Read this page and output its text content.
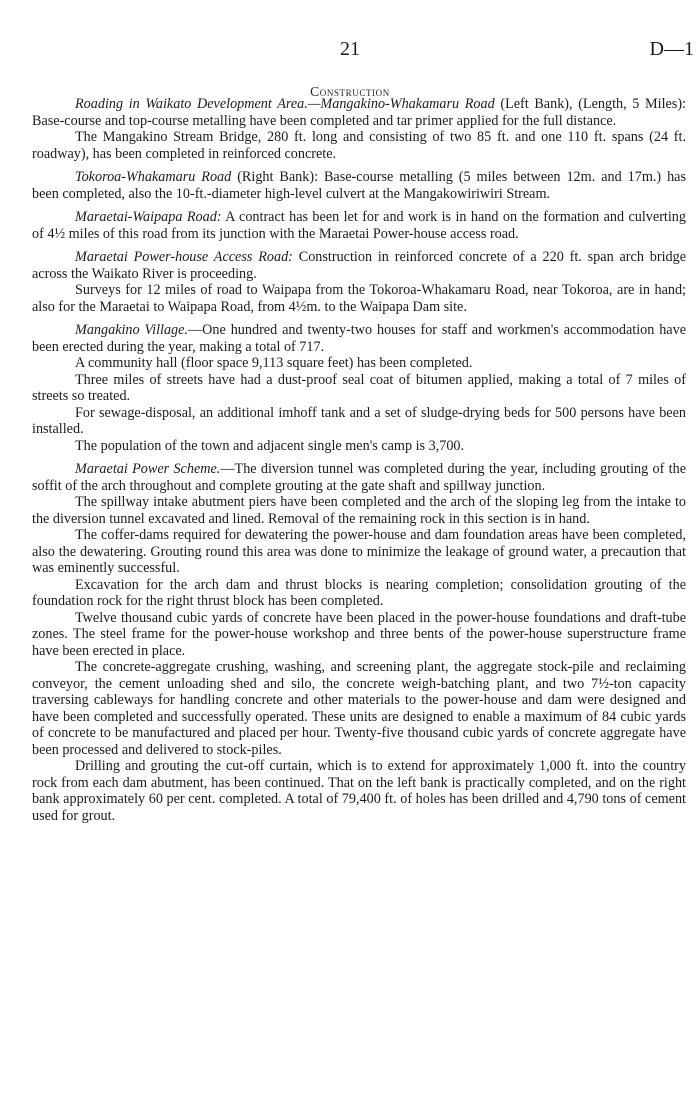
21	D—1
Construction

Roading in Waikato Development Area.—Mangakino-Whakamaru Road (Left Bank), (Length, 5 Miles): Base-course and top-course metalling have been completed and tar primer applied for the full distance.

The Mangakino Stream Bridge, 280 ft. long and consisting of two 85 ft. and one 110 ft. spans (24 ft. roadway), has been completed in reinforced concrete.

Tokoroa-Whakamaru Road (Right Bank): Base-course metalling (5 miles between 12m. and 17m.) has been completed, also the 10-ft.-diameter high-level culvert at the Mangakowiriwiri Stream.

Maraetai-Waipapa Road: A contract has been let for and work is in hand on the formation and culverting of 4½ miles of this road from its junction with the Maraetai Power-house access road.

Maraetai Power-house Access Road: Construction in reinforced concrete of a 220 ft. span arch bridge across the Waikato River is proceeding.

Surveys for 12 miles of road to Waipapa from the Tokoroa-Whakamaru Road, near Tokoroa, are in hand; also for the Maraetai to Waipapa Road, from 4½m. to the Waipapa Dam site.

Mangakino Village.—One hundred and twenty-two houses for staff and workmen's accommodation have been erected during the year, making a total of 717.

A community hall (floor space 9,113 square feet) has been completed.

Three miles of streets have had a dust-proof seal coat of bitumen applied, making a total of 7 miles of streets so treated.

For sewage-disposal, an additional imhoff tank and a set of sludge-drying beds for 500 persons have been installed.

The population of the town and adjacent single men's camp is 3,700.

Maraetai Power Scheme.—The diversion tunnel was completed during the year, including grouting of the soffit of the arch throughout and complete grouting at the gate shaft and spillway junction.

The spillway intake abutment piers have been completed and the arch of the sloping leg from the intake to the diversion tunnel excavated and lined. Removal of the remaining rock in this section is in hand.

The coffer-dams required for dewatering the power-house and dam foundation areas have been completed, also the dewatering. Grouting round this area was done to minimize the leakage of ground water, a precaution that was eminently successful.

Excavation for the arch dam and thrust blocks is nearing completion; consolidation grouting of the foundation rock for the right thrust block has been completed.

Twelve thousand cubic yards of concrete have been placed in the power-house foundations and draft-tube zones. The steel frame for the power-house workshop and three bents of the power-house superstructure frame have been erected in place.

The concrete-aggregate crushing, washing, and screening plant, the aggregate stock-pile and reclaiming conveyor, the cement unloading shed and silo, the concrete weigh-batching plant, and two 7½-ton capacity traversing cableways for handling concrete and other materials to the power-house and dam were designed and have been completed and successfully operated. These units are designed to enable a maximum of 84 cubic yards of concrete to be manufactured and placed per hour. Twenty-five thousand cubic yards of concrete aggregate have been processed and delivered to stock-piles.

Drilling and grouting the cut-off curtain, which is to extend for approximately 1,000 ft. into the country rock from each dam abutment, has been continued. That on the left bank is practically completed, and on the right bank approximately 60 per cent. completed. A total of 79,400 ft. of holes has been drilled and 4,790 tons of cement used for grout.
